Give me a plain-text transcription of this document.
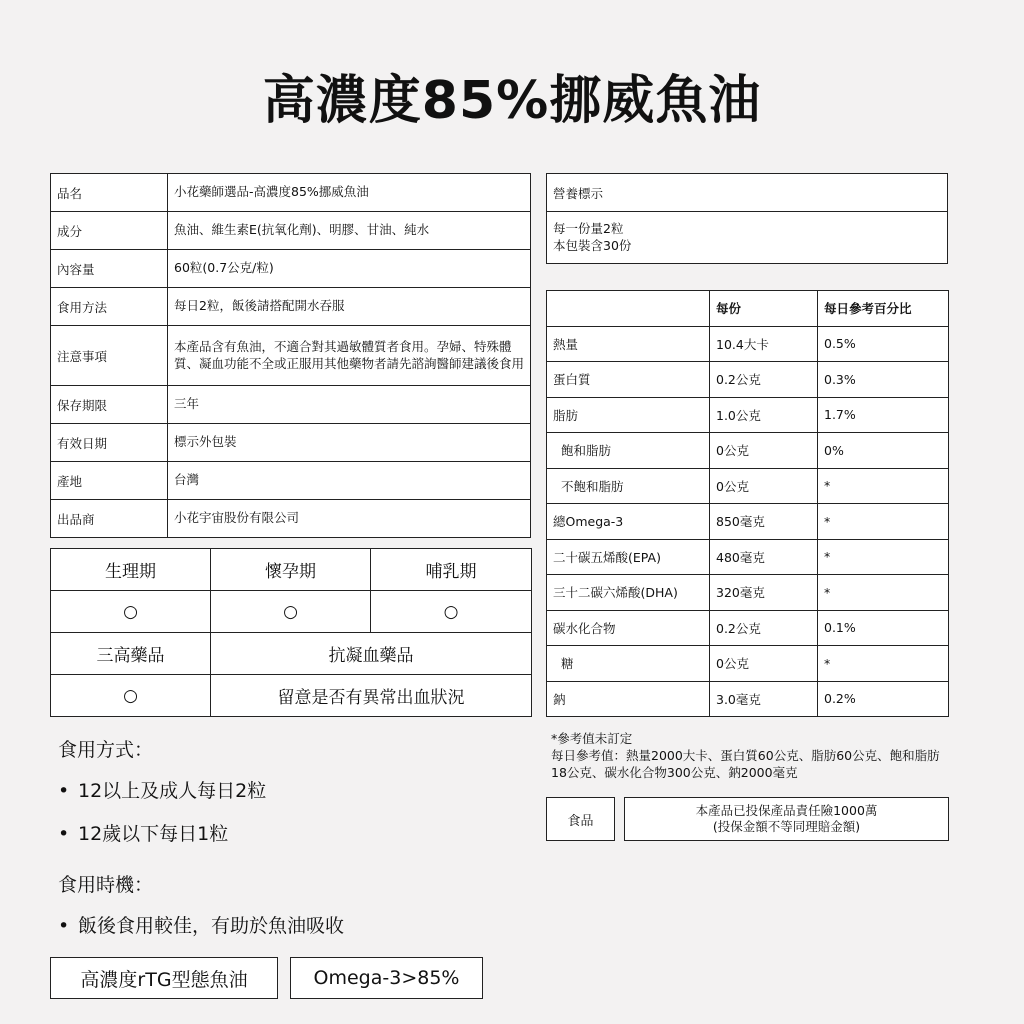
高濃度85%挪威魚油
品名	小花藥師選品-高濃度85%挪威魚油
成分	魚油、維生素E(抗氧化劑)、明膠、甘油、純水
內容量	60粒(0.7公克/粒)
食用方法	每日2粒，飯後請搭配開水吞服
注意事項	本產品含有魚油，不適合對其過敏體質者食用。孕婦、特殊體質、凝血功能不全或正服用其他藥物者請先諮詢醫師建議後食用
保存期限	三年
有效日期	標示外包裝
產地	台灣
出品商	小花宇宙股份有限公司
生理期	懷孕期	哺乳期
○	○	○
三高藥品	抗凝血藥品	
○	留意是否有異常出血狀況	
營養標示

每一份量2粒
本包裝含30份
	每份	每日參考百分比
熱量	10.4大卡	0.5%
蛋白質	0.2公克	0.3%
脂肪	1.0公克	1.7%
飽和脂肪	0公克	0%
不飽和脂肪	0公克	*
總Omega-3	850毫克	*
二十碳五烯酸(EPA)	480毫克	*
三十二碳六烯酸(DHA)	320毫克	*
碳水化合物	0.2公克	0.1%
糖	0公克	*
鈉	3.0毫克	0.2%
*參考值未訂定
每日參考值：熱量2000大卡、蛋白質60公克、脂肪60公克、飽和脂肪18公克、碳水化合物300公克、鈉2000毫克
食品
本產品已投保產品責任險1000萬
(投保金額不等同理賠金額)
食用方式：
• 12以上及成人每日2粒
• 12歲以下每日1粒
食用時機：
• 飯後食用較佳，有助於魚油吸收
高濃度rTG型態魚油	Omega-3>85%
